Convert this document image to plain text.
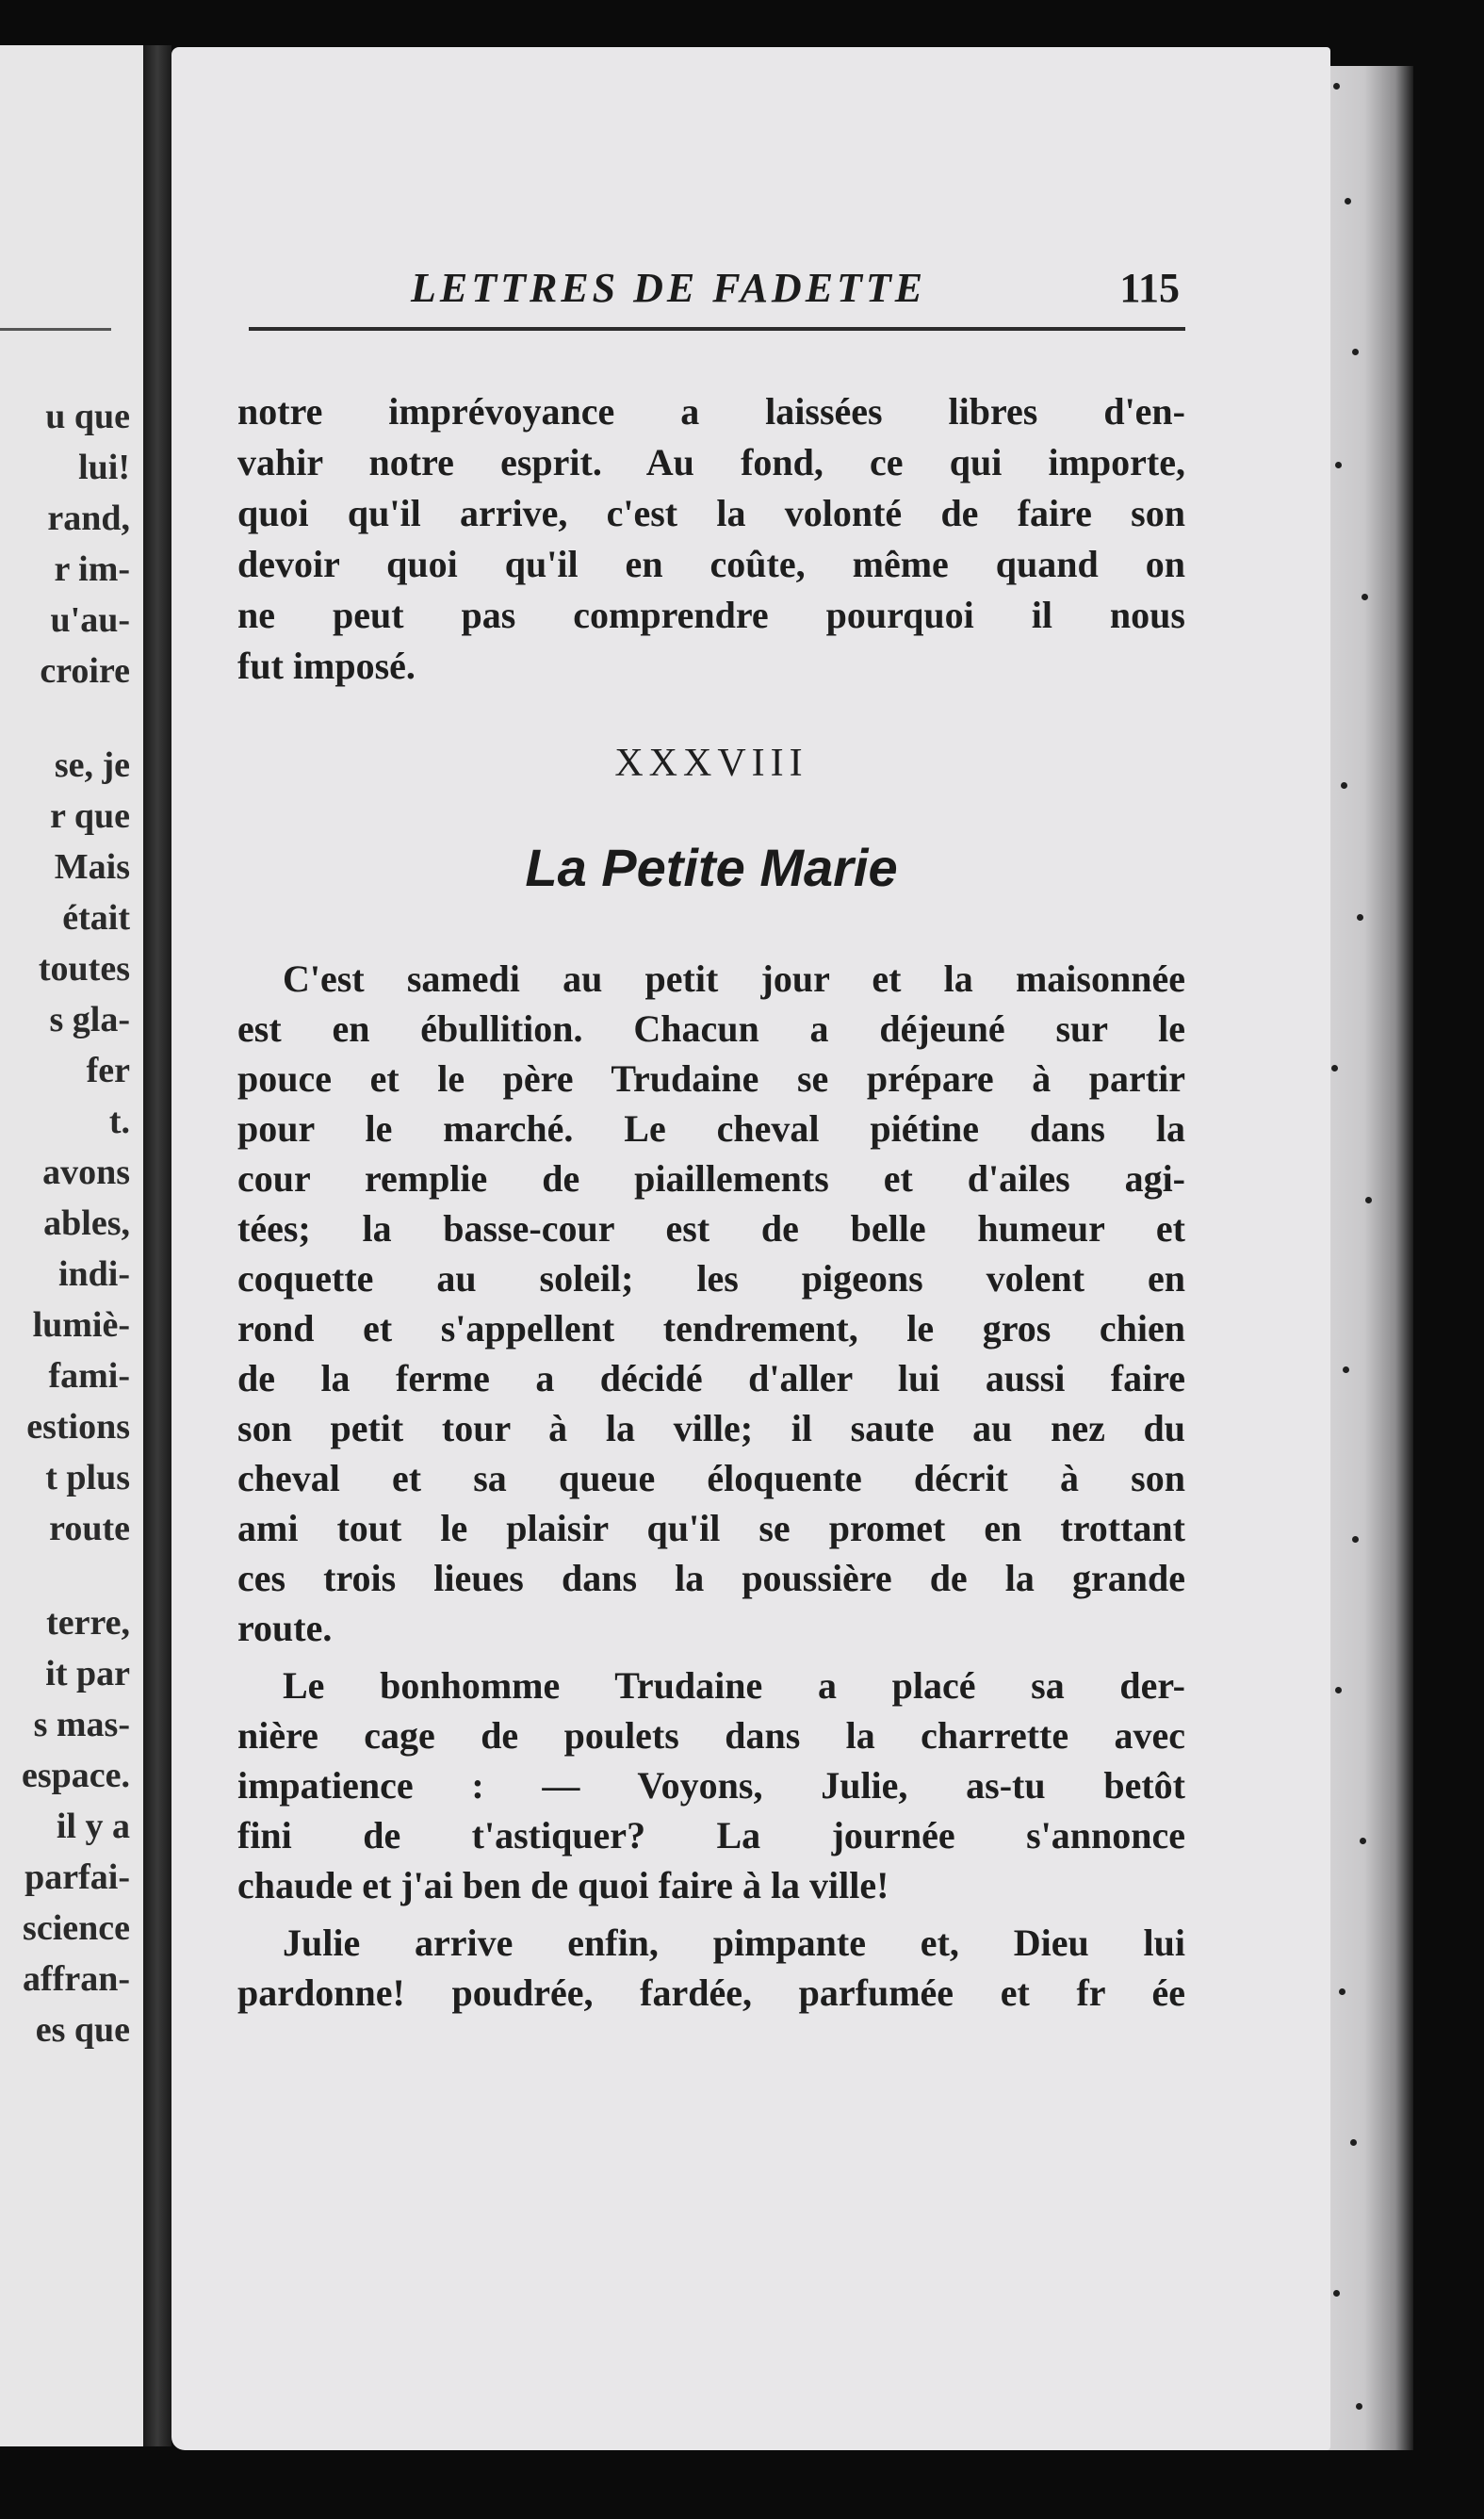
u que
lui!
rand,
r im-
u'au-
croire
se, je
r que
Mais
était
toutes
s gla-
fer
t.
avons
ables,
indi-
lumiè-
fami-
estions
t plus
route
terre,
it par
s mas-
espace.
il y a
parfai-
science
affran-
es que
LETTRES DE FADETTE	115
notre imprévoyance a laissées libres d'en-
vahir notre esprit. Au fond, ce qui importe,
quoi qu'il arrive, c'est la volonté de faire son
devoir quoi qu'il en coûte, même quand on
ne peut pas comprendre pourquoi il nous
fut imposé.
XXXVIII
La Petite Marie
C'est samedi au petit jour et la maisonnée
est en ébullition. Chacun a déjeuné sur le
pouce et le père Trudaine se prépare à partir
pour le marché. Le cheval piétine dans la
cour remplie de piaillements et d'ailes agi-
tées; la basse-cour est de belle humeur et
coquette au soleil; les pigeons volent en
rond et s'appellent tendrement, le gros chien
de la ferme a décidé d'aller lui aussi faire
son petit tour à la ville; il saute au nez du
cheval et sa queue éloquente décrit à son
ami tout le plaisir qu'il se promet en trottant
ces trois lieues dans la poussière de la grande
route.
Le bonhomme Trudaine a placé sa der-
nière cage de poulets dans la charrette avec
impatience : — Voyons, Julie, as-tu betôt
fini de t'astiquer? La journée s'annonce
chaude et j'ai ben de quoi faire à la ville!
Julie arrive enfin, pimpante et, Dieu lui
pardonne! poudrée, fardée, parfumée et fr ée
